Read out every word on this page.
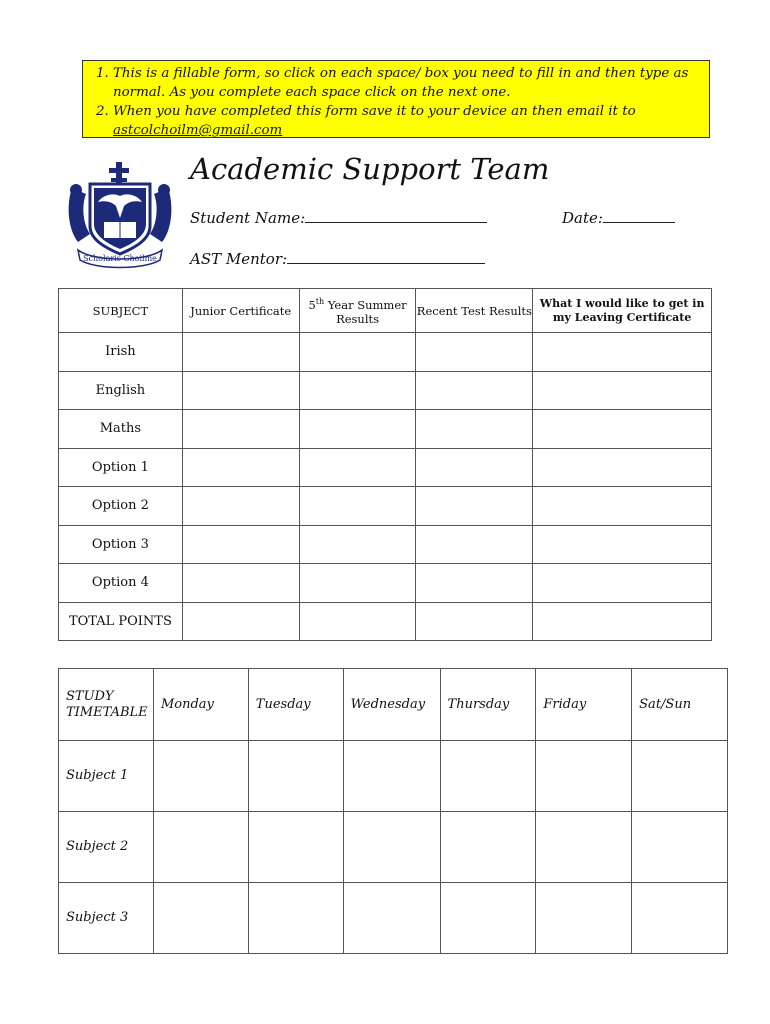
1. This is a fillable form, so click on each space/ box you need to fill in and then type as normal. As you complete each space click on the next one.
2. When you have completed this form save it to your device an then email it to astcolchoilm@gmail.com
Scholaris Choilme
Academic Support Team
Student Name:	Date:
AST Mentor:
SUBJECT	Junior Certificate	5th Year Summer Results	Recent Test Results	What I would like to get in my Leaving Certificate
Irish				
English				
Maths				
Option 1				
Option 2				
Option 3				
Option 4				
TOTAL POINTS				
STUDY TIMETABLE	Monday	Tuesday	Wednesday	Thursday	Friday	Sat/Sun
Subject 1						
Subject 2						
Subject 3						
